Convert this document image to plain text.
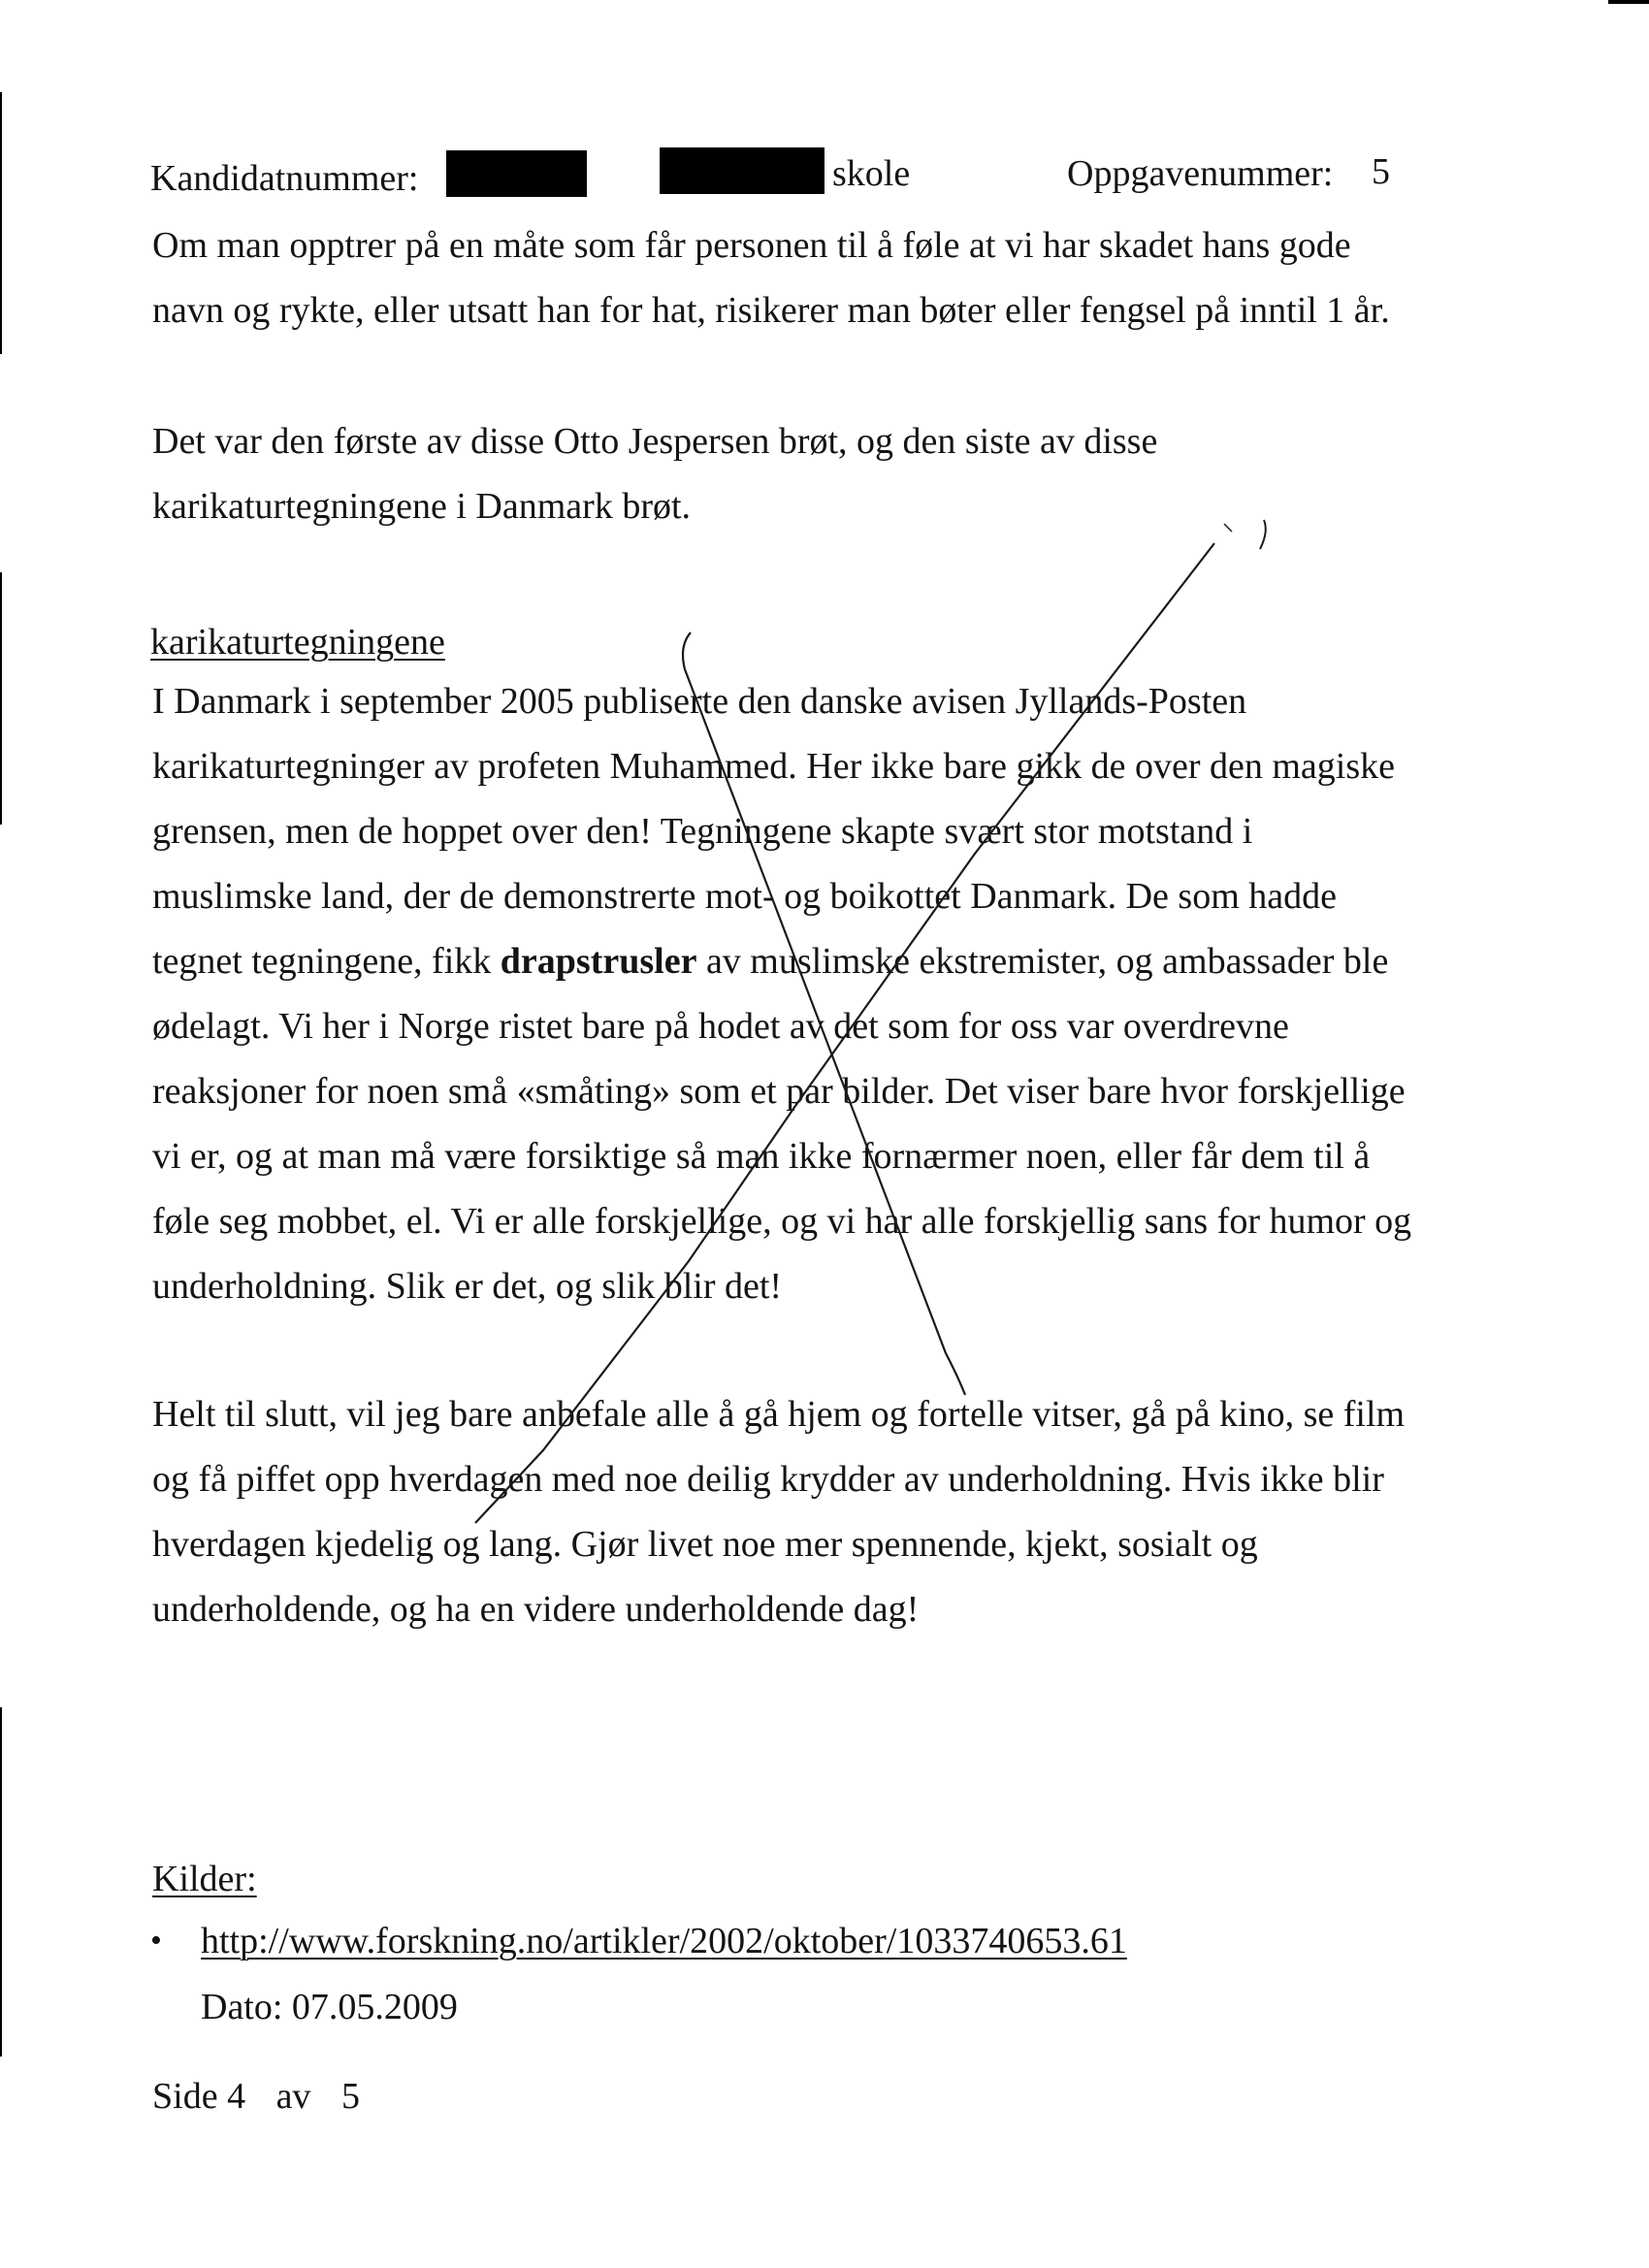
Kandidatnummer:	skole	Oppgavenummer: 5
Om man opptrer på en måte som får personen til å føle at vi har skadet hans gode
navn og rykte, eller utsatt han for hat, risikerer man bøter eller fengsel på inntil 1 år.
Det var den første av disse Otto Jespersen brøt, og den siste av disse
karikaturtegningene i Danmark brøt.
karikaturtegningene
I Danmark i september 2005 publiserte den danske avisen Jyllands-Posten
karikaturtegninger av profeten Muhammed. Her ikke bare gikk de over den magiske
grensen, men de hoppet over den! Tegningene skapte svært stor motstand i
muslimske land, der de demonstrerte mot- og boikottet Danmark. De som hadde
tegnet tegningene, fikk drapstrusler av muslimske ekstremister, og ambassader ble
ødelagt. Vi her i Norge ristet bare på hodet av det som for oss var overdrevne
reaksjoner for noen små «småting» som et par bilder. Det viser bare hvor forskjellige
vi er, og at man må være forsiktige så man ikke fornærmer noen, eller får dem til å
føle seg mobbet, el. Vi er alle forskjellige, og vi har alle forskjellig sans for humor og
underholdning. Slik er det, og slik blir det!
Helt til slutt, vil jeg bare anbefale alle å gå hjem og fortelle vitser, gå på kino, se film
og få piffet opp hverdagen med noe deilig krydder av underholdning. Hvis ikke blir
hverdagen kjedelig og lang. Gjør livet noe mer spennende, kjekt, sosialt og
underholdende, og ha en videre underholdende dag!
Kilder:
• http://www.forskning.no/artikler/2002/oktober/1033740653.61
Dato: 07.05.2009
Side 4 av 5
